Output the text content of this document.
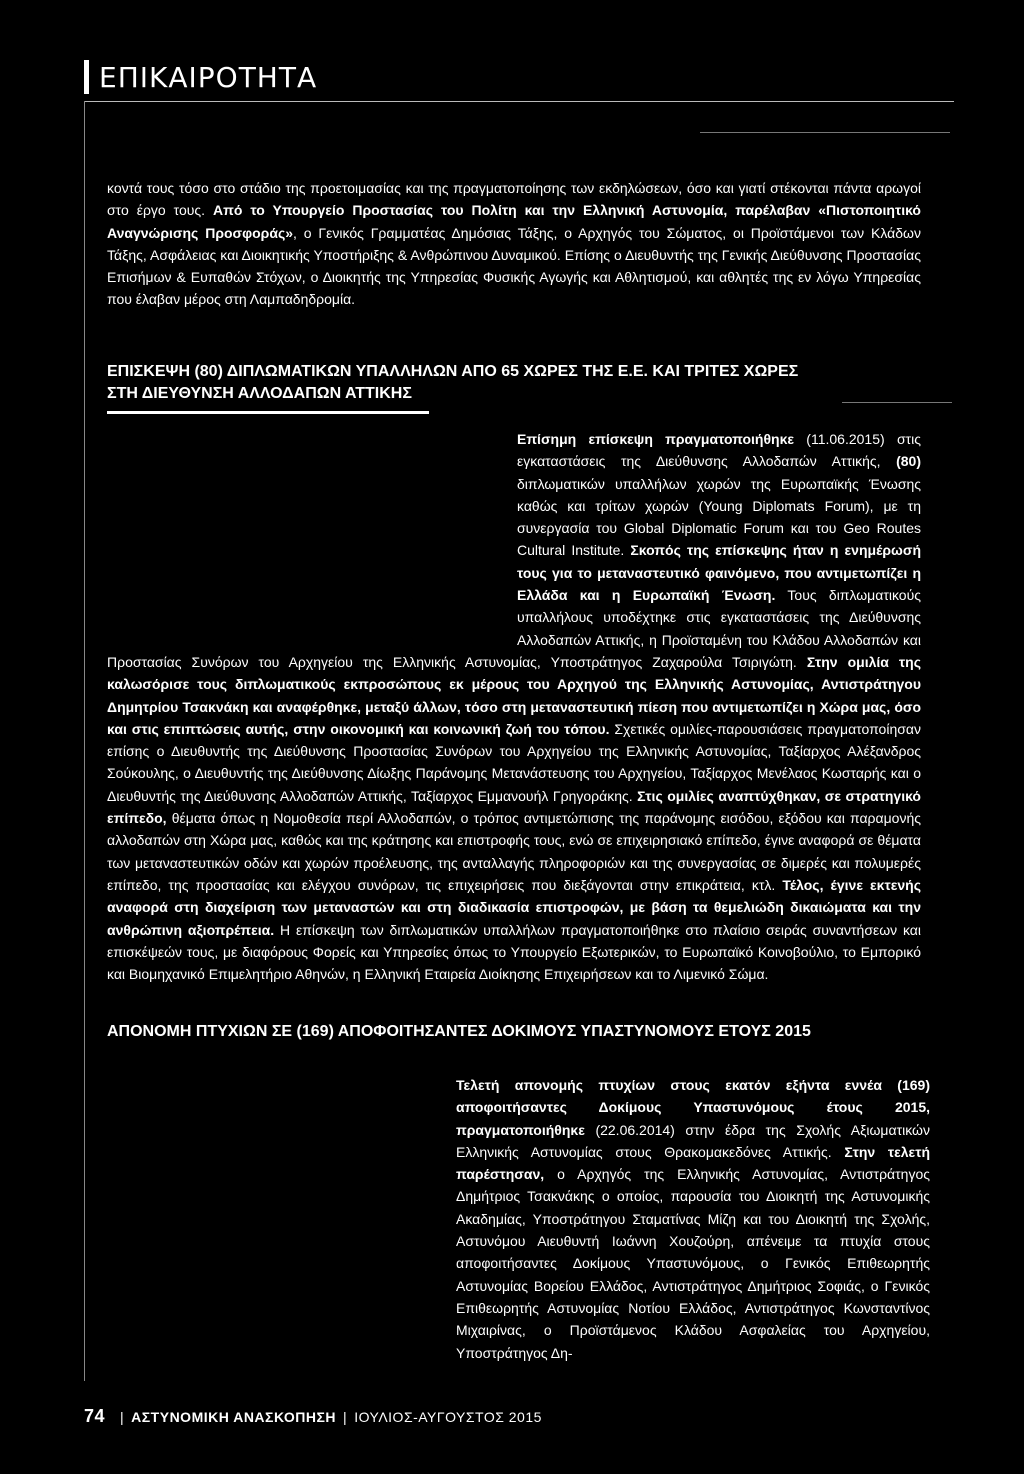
ΕΠΙΚΑΙΡΟΤΗΤΑ
κοντά τους τόσο στο στάδιο της προετοιμασίας και της πραγματοποίησης των εκδηλώσεων, όσο και γιατί στέκονται πάντα αρωγοί στο έργο τους. Από το Υπουργείο Προστασίας του Πολίτη και την Ελληνική Αστυνομία, παρέλαβαν «Πιστοποιητικό Αναγνώρισης Προσφοράς», ο Γενικός Γραμματέας Δημόσιας Τάξης, ο Αρχηγός του Σώματος, οι Προϊστάμενοι των Κλάδων Τάξης, Ασφάλειας και Διοικητικής Υποστήριξης & Ανθρώπινου Δυναμικού. Επίσης ο Διευθυντής της Γενικής Διεύθυνσης Προστασίας Επισήμων & Ευπαθών Στόχων, ο Διοικητής της Υπηρεσίας Φυσικής Αγωγής και Αθλητισμού, και αθλητές της εν λόγω Υπηρεσίας που έλαβαν μέρος στη Λαμπαδηδρομία.
ΕΠΙΣΚΕΨΗ (80) ΔΙΠΛΩΜΑΤΙΚΩΝ ΥΠΑΛΛΗΛΩΝ ΑΠΟ 65 ΧΩΡΕΣ ΤΗΣ Ε.Ε. ΚΑΙ ΤΡΙΤΕΣ ΧΩΡΕΣ
ΣΤΗ ΔΙΕΥΘΥΝΣΗ ΑΛΛΟΔΑΠΩΝ ΑΤΤΙΚΗΣ
Επίσημη επίσκεψη πραγματοποιήθηκε (11.06.2015) στις εγκαταστάσεις της Διεύθυνσης Αλλοδαπών Αττικής, (80) διπλωματικών υπαλλήλων χωρών της Ευρωπαϊκής Ένωσης καθώς και τρίτων χωρών (Young Diplomats Forum), με τη συνεργασία του Global Diplomatic Forum και του Geo Routes Cultural Institute. Σκοπός της επίσκεψης ήταν η ενημέρωσή τους για το μεταναστευτικό φαινόμενο, που αντιμετωπίζει η Ελλάδα και η Ευρωπαϊκή Ένωση. Τους διπλωματικούς υπαλλήλους υποδέχτηκε στις εγκαταστάσεις της Διεύθυνσης Αλλοδαπών Αττικής, η Προϊσταμένη του Κλάδου Αλλοδαπών και Προστασίας Συνόρων του Αρχηγείου της Ελληνικής Αστυνομίας, Υποστράτηγος Ζαχαρούλα Τσιριγώτη. Στην ομιλία της καλωσόρισε τους διπλωματικούς εκπροσώπους εκ μέρους του Αρχηγού της Ελληνικής Αστυνομίας, Αντιστράτηγου Δημητρίου Τσακνάκη και αναφέρθηκε, μεταξύ άλλων, τόσο στη μεταναστευτική πίεση που αντιμετωπίζει η Χώρα μας, όσο και στις επιπτώσεις αυτής, στην οικονομική και κοινωνική ζωή του τόπου. Σχετικές ομιλίες-παρουσιάσεις πραγματοποίησαν επίσης ο Διευθυντής της Διεύθυνσης Προστασίας Συνόρων του Αρχηγείου της Ελληνικής Αστυνομίας, Ταξίαρχος Αλέξανδρος Σούκουλης, ο Διευθυντής της Διεύθυνσης Δίωξης Παράνομης Μετανάστευσης του Αρχηγείου, Ταξίαρχος Μενέλαος Κωσταρής και ο Διευθυντής της Διεύθυνσης Αλλοδαπών Αττικής, Ταξίαρχος Εμμανουήλ Γρηγοράκης. Στις ομιλίες αναπτύχθηκαν, σε στρατηγικό επίπεδο, θέματα όπως η Νομοθεσία περί Αλλοδαπών, ο τρόπος αντιμετώπισης της παράνομης εισόδου, εξόδου και παραμονής αλλοδαπών στη Χώρα μας, καθώς και της κράτησης και επιστροφής τους, ενώ σε επιχειρησιακό επίπεδο, έγινε αναφορά σε θέματα των μεταναστευτικών οδών και χωρών προέλευσης, της ανταλλαγής πληροφοριών και της συνεργασίας σε διμερές και πολυμερές επίπεδο, της προστασίας και ελέγχου συνόρων, τις επιχειρήσεις που διεξάγονται στην επικράτεια, κτλ. Τέλος, έγινε εκτενής αναφορά στη διαχείριση των μεταναστών και στη διαδικασία επιστροφών, με βάση τα θεμελιώδη δικαιώματα και την ανθρώπινη αξιοπρέπεια. Η επίσκεψη των διπλωματικών υπαλλήλων πραγματοποιήθηκε στο πλαίσιο σειράς συναντήσεων και επισκέψεών τους, με διαφόρους Φορείς και Υπηρεσίες όπως το Υπουργείο Εξωτερικών, το Ευρωπαϊκό Κοινοβούλιο, το Εμπορικό και Βιομηχανικό Επιμελητήριο Αθηνών, η Ελληνική Εταιρεία Διοίκησης Επιχειρήσεων και το Λιμενικό Σώμα.
ΑΠΟΝΟΜΗ ΠΤΥΧΙΩΝ ΣΕ (169) ΑΠΟΦΟΙΤΗΣΑΝΤΕΣ ΔΟΚΙΜΟΥΣ ΥΠΑΣΤΥΝΟΜΟΥΣ ΕΤΟΥΣ 2015
Τελετή απονομής πτυχίων στους εκατόν εξήντα εννέα (169) αποφοιτήσαντες Δοκίμους Υπαστυνόμους έτους 2015, πραγματοποιήθηκε (22.06.2014) στην έδρα της Σχολής Αξιωματικών Ελληνικής Αστυνομίας στους Θρακομακεδόνες Αττικής. Στην τελετή παρέστησαν, ο Αρχηγός της Ελληνικής Αστυνομίας, Αντιστράτηγος Δημήτριος Τσακνάκης ο οποίος, παρουσία του Διοικητή της Αστυνομικής Ακαδημίας, Υποστράτηγου Σταματίνας Μίζη και του Διοικητή της Σχολής, Αστυνόμου Αιευθυντή Ιωάννη Χουζούρη, απένειμε τα πτυχία στους αποφοιτήσαντες Δοκίμους Υπαστυνόμους, ο Γενικός Επιθεωρητής Αστυνομίας Βορείου Ελλάδος, Αντιστράτηγος Δημήτριος Σοφιάς, ο Γενικός Επιθεωρητής Αστυνομίας Νοτίου Ελλάδος, Αντιστράτηγος Κωνσταντίνος Μιχαιρίνας, ο Προϊστάμενος Κλάδου Ασφαλείας του Αρχηγείου, Υποστράτηγος Δη-
74 | ΑΣΤΥΝΟΜΙΚΗ ΑΝΑΣΚΟΠΗΣΗ | ΙΟΥΛΙΟΣ-ΑΥΓΟΥΣΤΟΣ 2015
